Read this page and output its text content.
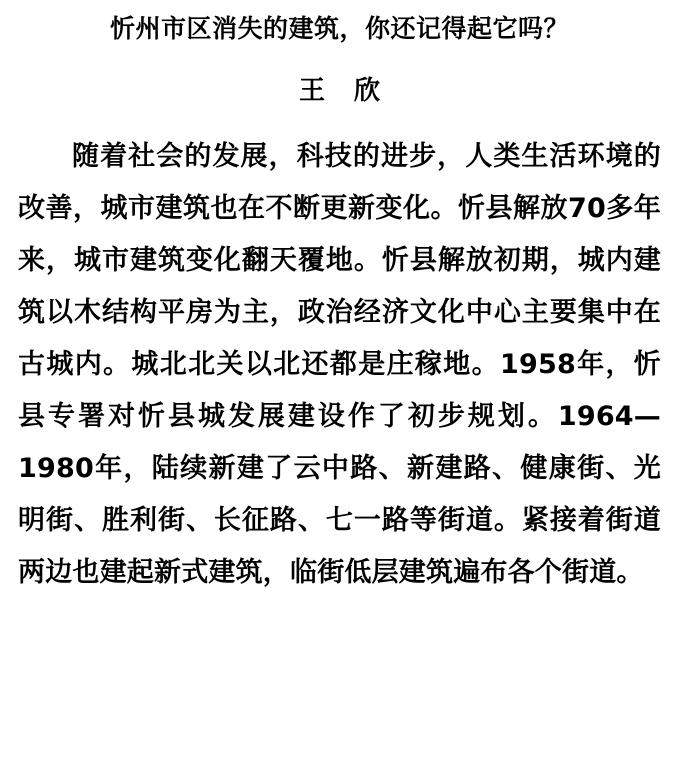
忻州市区消失的建筑，你还记得起它吗？
王 欣

随着社会的发展，科技的进步，人类生活环境的改善，城市建筑也在不断更新变化。忻县解放70多年来，城市建筑变化翻天覆地。忻县解放初期，城内建筑以木结构平房为主，政治经济文化中心主要集中在古城内。城北北关以北还都是庄稼地。1958年，忻县专署对忻县城发展建设作了初步规划。1964—1980年，陆续新建了云中路、新建路、健康街、光明街、胜利街、长征路、七一路等街道。紧接着街道两边也建起新式建筑，临街低层建筑遍布各个街道。
